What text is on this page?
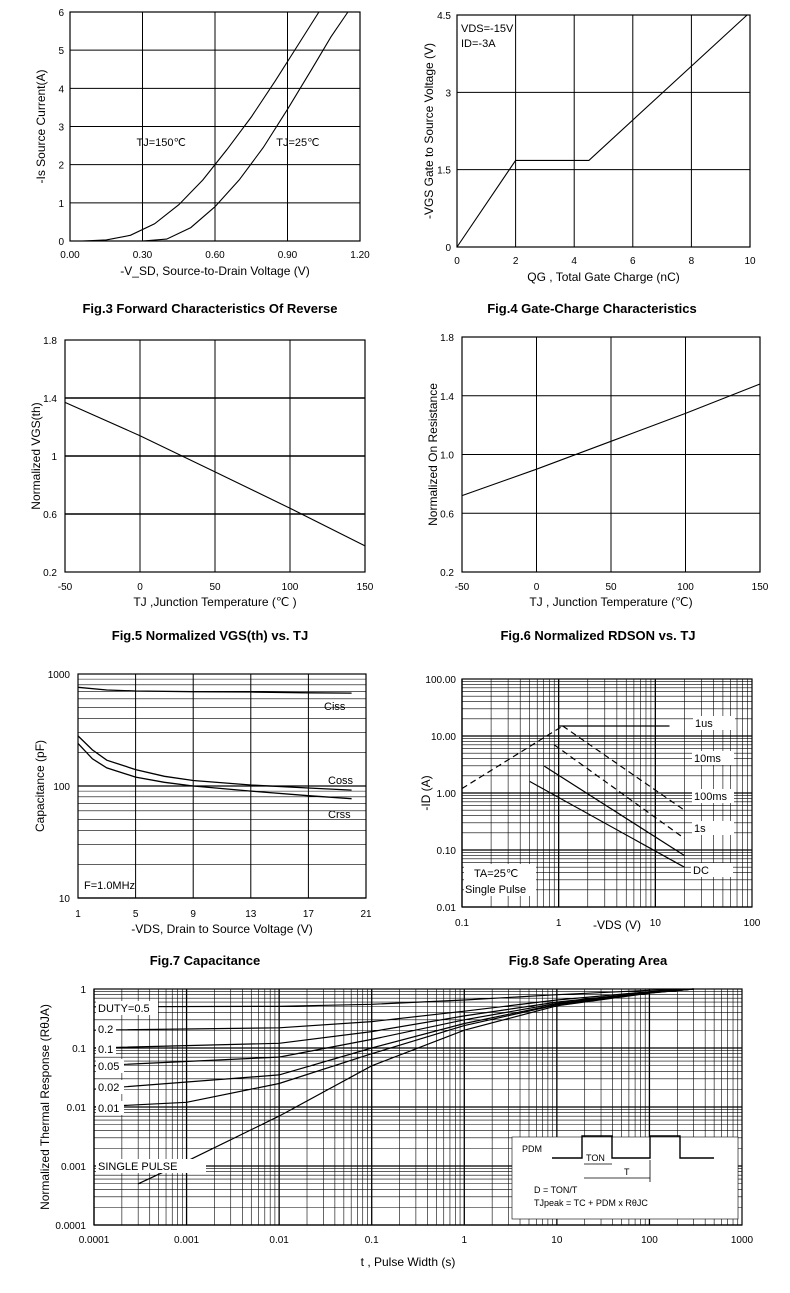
0.00	0.30	0.60	0.90	1.20
0
1
2
3
4
5
6
TJ=150℃	TJ=25℃
-V_SD, Source-to-Drain Voltage (V)
-Is Source Current(A)
Fig.3 Forward Characteristics Of Reverse
0	2	4	6	8	10
0
1.5
3
4.5
VDS=-15V
ID=-3A
QG , Total Gate Charge (nC)
-VGS Gate to Source Voltage (V)
Fig.4 Gate-Charge Characteristics
-50	0	50	100	150
0.2
0.6
1
1.4
1.8
TJ ,Junction Temperature (℃ )
Normalized VGS(th)
Fig.5 Normalized VGS(th) vs. TJ
-50	0	50	100	150
0.2
0.6
1.0
1.4
1.8
TJ , Junction Temperature (℃)
Normalized On Resistance
Fig.6 Normalized RDSON vs. TJ
1	5	9	13	17	21
10
100
1000
Ciss
Coss
Crss
F=1.0MHz
-VDS, Drain to Source Voltage (V)
Capacitance (pF)
Fig.7 Capacitance
0.1	1	10	100
0.01
0.10
1.00
10.00
100.00
1us
10ms
100ms
1s
DC
TA=25℃
Single Pulse
-VDS (V)
-ID (A)
Fig.8 Safe Operating Area
0.0001	0.001	0.01	0.1	1	10	100	1000
0.0001
0.001
0.01
0.1
1
DUTY=0.5
0.2
0.1
0.05
0.02
0.01
SINGLE PULSE
PDM
TON
T
D = TON/T
TJpeak = TC + PDM x RθJC
t , Pulse Width (s)
Normalized Thermal Response (RθJA)
